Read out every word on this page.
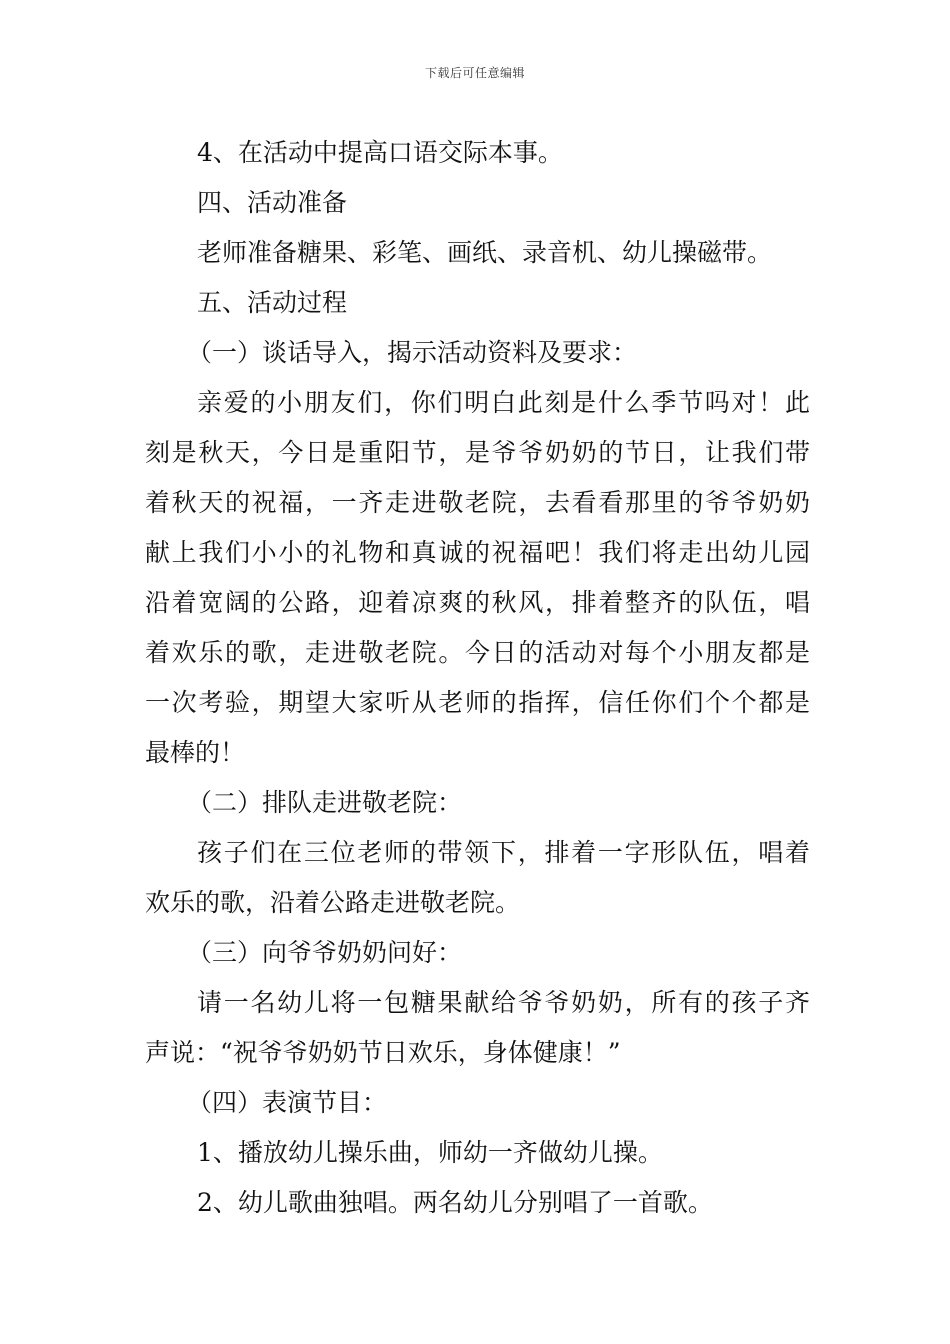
下载后可任意编辑
4、在活动中提高口语交际本事。
四、活动准备
老师准备糖果、彩笔、画纸、录音机、幼儿操磁带。
五、活动过程
（一）谈话导入，揭示活动资料及要求：
亲爱的小朋友们，你们明白此刻是什么季节吗对！此
刻是秋天，今日是重阳节，是爷爷奶奶的节日，让我们带
着秋天的祝福，一齐走进敬老院，去看看那里的爷爷奶奶
献上我们小小的礼物和真诚的祝福吧！我们将走出幼儿园
沿着宽阔的公路，迎着凉爽的秋风，排着整齐的队伍，唱
着欢乐的歌，走进敬老院。今日的活动对每个小朋友都是
一次考验，期望大家听从老师的指挥，信任你们个个都是
最棒的！
（二）排队走进敬老院：
孩子们在三位老师的带领下，排着一字形队伍，唱着
欢乐的歌，沿着公路走进敬老院。
（三）向爷爷奶奶问好：
请一名幼儿将一包糖果献给爷爷奶奶，所有的孩子齐
声说：“祝爷爷奶奶节日欢乐，身体健康！”
（四）表演节目：
1、播放幼儿操乐曲，师幼一齐做幼儿操。
2、幼儿歌曲独唱。两名幼儿分别唱了一首歌。
